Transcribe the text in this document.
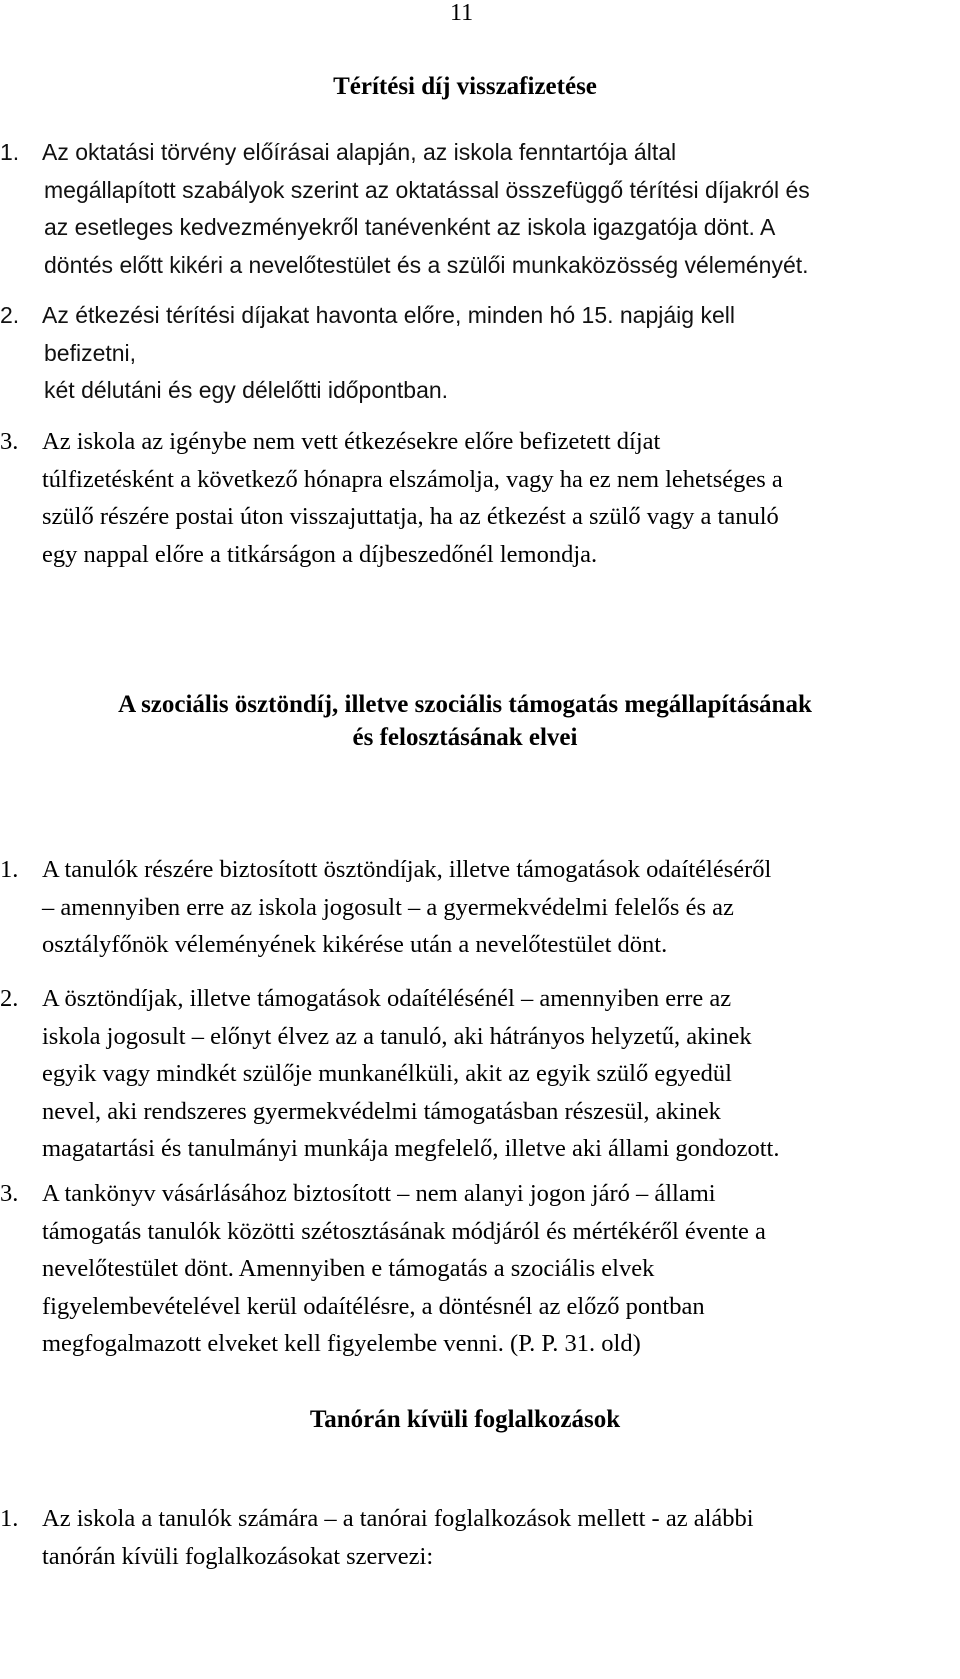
11
Térítési díj visszafizetése
1. Az oktatási törvény előírásai alapján, az iskola fenntartója által
megállapított szabályok szerint az oktatással összefüggő térítési díjakról és
az esetleges kedvezményekről tanévenként az iskola igazgatója dönt. A
döntés előtt kikéri a nevelőtestület és a szülői munkaközösség véleményét.
2. Az étkezési térítési díjakat havonta előre, minden hó 15. napjáig kell
befizetni,
két délutáni és egy délelőtti időpontban.
3. Az iskola az igénybe nem vett étkezésekre előre befizetett díjat
túlfizetésként a következő hónapra elszámolja, vagy ha ez nem lehetséges a
szülő részére postai úton visszajuttatja, ha az étkezést a szülő vagy a tanuló
egy nappal előre a titkárságon a díjbeszedőnél lemondja.
A szociális ösztöndíj, illetve szociális támogatás megállapításának
és felosztásának elvei
1. A tanulók részére biztosított ösztöndíjak, illetve támogatások odaítéléséről
– amennyiben erre az iskola jogosult – a gyermekvédelmi felelős és az
osztályfőnök véleményének kikérése után a nevelőtestület dönt.
2. A ösztöndíjak, illetve támogatások odaítélésénél – amennyiben erre az
iskola jogosult – előnyt élvez az a tanuló, aki hátrányos helyzetű, akinek
egyik vagy mindkét szülője munkanélküli, akit az egyik szülő egyedül
nevel, aki rendszeres gyermekvédelmi támogatásban részesül, akinek
magatartási és tanulmányi munkája megfelelő, illetve aki állami gondozott.
3. A tankönyv vásárlásához biztosított – nem alanyi jogon járó – állami
támogatás tanulók közötti szétosztásának módjáról és mértékéről évente a
nevelőtestület dönt. Amennyiben e támogatás a szociális elvek
figyelembevételével kerül odaítélésre, a döntésnél az előző pontban
megfogalmazott elveket kell figyelembe venni. (P. P. 31. old)
Tanórán kívüli foglalkozások
1. Az iskola a tanulók számára – a tanórai foglalkozások mellett - az alábbi
tanórán kívüli foglalkozásokat szervezi:
